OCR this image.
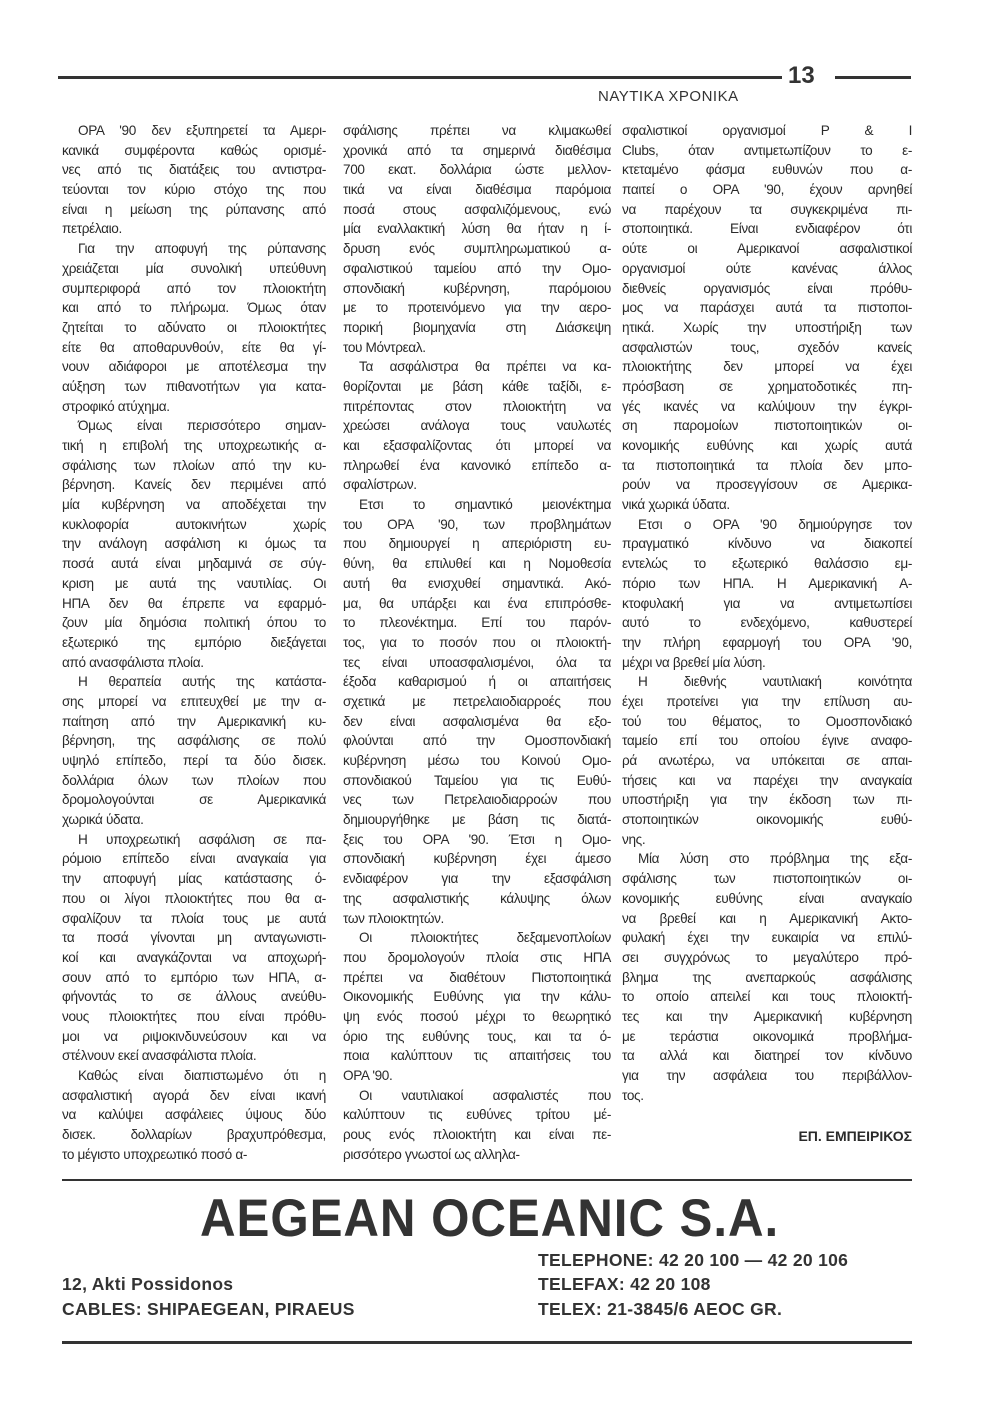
13
ΝΑΥΤΙΚΑ ΧΡΟΝΙΚΑ
ΟΡΑ '90 δεν εξυπηρετεί τα Αμερι-
κανικά συμφέροντα καθώς ορισμέ-
νες από τις διατάξεις του αντιστρα-
τεύονται τον κύριο στόχο της που
είναι η μείωση της ρύπανσης από
πετρέλαιο.
Για την αποφυγή της ρύπανσης
χρειάζεται μία συνολική υπεύθυνη
συμπεριφορά από τον πλοιοκτήτη
και από το πλήρωμα. Όμως όταν
ζητείται το αδύνατο οι πλοιοκτήτες
είτε θα αποθαρυνθούν, είτε θα γί-
νουν αδιάφοροι με αποτέλεσμα την
αύξηση των πιθανοτήτων για κατα-
στροφικό ατύχημα.
Όμως είναι περισσότερο σημαν-
τική η επιβολή της υποχρεωτικής α-
σφάλισης των πλοίων από την κυ-
βέρνηση. Κανείς δεν περιμένει από
μία κυβέρνηση να αποδέχεται την
κυκλοφορία αυτοκινήτων χωρίς
την ανάλογη ασφάλιση κι όμως τα
ποσά αυτά είναι μηδαμινά σε σύγ-
κριση με αυτά της ναυτιλίας. Οι
ΗΠΑ δεν θα έπρεπε να εφαρμό-
ζουν μία δημόσια πολιτική όπου το
εξωτερικό της εμπόριο διεξάγεται
από ανασφάλιστα πλοία.
Η θεραπεία αυτής της κατάστα-
σης μπορεί να επιτευχθεί με την α-
παίτηση από την Αμερικανική κυ-
βέρνηση, της ασφάλισης σε πολύ
υψηλό επίπεδο, περί τα δύο δισεκ.
δολλάρια όλων των πλοίων που
δρομολογούνται σε Αμερικανικά
χωρικά ύδατα.
Η υποχρεωτική ασφάλιση σε πα-
ρόμοιο επίπεδο είναι αναγκαία για
την αποφυγή μίας κατάστασης ό-
που οι λίγοι πλοιοκτήτες που θα α-
σφαλίζουν τα πλοία τους με αυτά
τα ποσά γίνονται μη ανταγωνιστι-
κοί και αναγκάζονται να αποχωρή-
σουν από το εμπόριο των ΗΠΑ, α-
φήνοντάς το σε άλλους ανεύθυ-
νους πλοιοκτήτες που είναι πρόθυ-
μοι να ριψοκινδυνεύσουν και να
στέλνουν εκεί ανασφάλιστα πλοία.
Καθώς είναι διαπιστωμένο ότι η
ασφαλιστική αγορά δεν είναι ικανή
να καλύψει ασφάλειες ύψους δύο
δισεκ. δολλαρίων βραχυπρόθεσμα,
το μέγιστο υποχρεωτικό ποσό α-
σφάλισης πρέπει να κλιμακωθεί
χρονικά από τα σημερινά διαθέσιμα
700 εκατ. δολλάρια ώστε μελλον-
τικά να είναι διαθέσιμα παρόμοια
ποσά στους ασφαλιζόμενους, ενώ
μία εναλλακτική λύση θα ήταν η ί-
δρυση ενός συμπληρωματικού α-
σφαλιστικού ταμείου από την Ομο-
σπονδιακή κυβέρνηση, παρόμοιου
με το προτεινόμενο για την αερο-
πορική βιομηχανία στη Διάσκεψη
του Μόντρεαλ.
Τα ασφάλιστρα θα πρέπει να κα-
θορίζονται με βάση κάθε ταξίδι, ε-
πιτρέποντας στον πλοιοκτήτη να
χρεώσει ανάλογα τους ναυλωτές
και εξασφαλίζοντας ότι μπορεί να
πληρωθεί ένα κανονικό επίπεδο α-
σφαλίστρων.
Ετσι το σημαντικό μειονέκτημα
του ΟΡΑ '90, των προβλημάτων
που δημιουργεί η απεριόριστη ευ-
θύνη, θα επιλυθεί και η Νομοθεσία
αυτή θα ενισχυθεί σημαντικά. Ακό-
μα, θα υπάρξει και ένα επιπρόσθε-
το πλεονέκτημα. Επί του παρόν-
τος, για το ποσόν που οι πλοιοκτή-
τες είναι υποασφαλισμένοι, όλα τα
έξοδα καθαρισμού ή οι απαιτήσεις
σχετικά με πετρελαιοδιαρροές που
δεν είναι ασφαλισμένα θα εξο-
φλούνται από την Ομοσπονδιακή
κυβέρνηση μέσω του Κοινού Ομο-
σπονδιακού Ταμείου για τις Ευθύ-
νες των Πετρελαιοδιαρροών που
δημιουργήθηκε με βάση τις διατά-
ξεις του ΟΡΑ '90. Έτσι η Ομο-
σπονδιακή κυβέρνηση έχει άμεσο
ενδιαφέρον για την εξασφάλιση
της ασφαλιστικής κάλυψης όλων
των πλοιοκτητών.
Οι πλοιοκτήτες δεξαμενοπλοίων
που δρομολογούν πλοία στις ΗΠΑ
πρέπει να διαθέτουν Πιστοποιητικά
Οικονομικής Ευθύνης για την κάλυ-
ψη ενός ποσού μέχρι το θεωρητικό
όριο της ευθύνης τους, και τα ό-
ποια καλύπτουν τις απαιτήσεις του
ΟΡΑ '90.
Οι ναυτιλιακοί ασφαλιστές που
καλύπτουν τις ευθύνες τρίτου μέ-
ρους ενός πλοιοκτήτη και είναι πε-
ρισσότερο γνωστοί ως αλληλα-
σφαλιστικοί οργανισμοί P & I
Clubs, όταν αντιμετωπίζουν το ε-
κτεταμένο φάσμα ευθυνών που α-
παιτεί ο ΟΡΑ '90, έχουν αρνηθεί
να παρέχουν τα συγκεκριμένα πι-
στοποιητικά. Είναι ενδιαφέρον ότι
ούτε οι Αμερικανοί ασφαλιστικοί
οργανισμοί ούτε κανένας άλλος
διεθνείς οργανισμός είναι πρόθυ-
μος να παράσχει αυτά τα πιστοποι-
ητικά. Χωρίς την υποστήριξη των
ασφαλιστών τους, σχεδόν κανείς
πλοιοκτήτης δεν μπορεί να έχει
πρόσβαση σε χρηματοδοτικές πη-
γές ικανές να καλύψουν την έγκρι-
ση παρομοίων πιστοποιητικών οι-
κονομικής ευθύνης και χωρίς αυτά
τα πιστοποιητικά τα πλοία δεν μπο-
ρούν να προσεγγίσουν σε Αμερικα-
νικά χωρικά ύδατα.
Ετσι ο ΟΡΑ '90 δημιούργησε τον
πραγματικό κίνδυνο να διακοπεί
εντελώς το εξωτερικό θαλάσσιο εμ-
πόριο των ΗΠΑ. Η Αμερικανική Α-
κτοφυλακή για να αντιμετωπίσει
αυτό το ενδεχόμενο, καθυστερεί
την πλήρη εφαρμογή του ΟΡΑ '90,
μέχρι να βρεθεί μία λύση.
Η διεθνής ναυτιλιακή κοινότητα
έχει προτείνει για την επίλυση αυ-
τού του θέματος, το Ομοσπονδιακό
ταμείο επί του οποίου έγινε αναφο-
ρά ανωτέρω, να υπόκειται σε απαι-
τήσεις και να παρέχει την αναγκαία
υποστήριξη για την έκδοση των πι-
στοποιητικών οικονομικής ευθύ-
νης.
Μία λύση στο πρόβλημα της εξα-
σφάλισης των πιστοποιητικών οι-
κονομικής ευθύνης είναι αναγκαίο
να βρεθεί και η Αμερικανική Ακτο-
φυλακή έχει την ευκαιρία να επιλύ-
σει συγχρόνως το μεγαλύτερο πρό-
βλημα της ανεπαρκούς ασφάλισης
το οποίο απειλεί και τους πλοιοκτή-
τες και την Αμερικανική κυβέρνηση
με τεράστια οικονομικά προβλήμα-
τα αλλά και διατηρεί τον κίνδυνο
για την ασφάλεια του περιβάλλον-
τος.
ΕΠ. ΕΜΠΕΙΡΙΚΟΣ
AEGEAN OCEANIC S.A.
TELEPHONE: 42 20 100 — 42 20 106
12, Akti Possidonos	TELEFAX: 42 20 108
CABLES: SHIPAEGEAN, PIRAEUS	TELEX: 21-3845/6 AEOC GR.
